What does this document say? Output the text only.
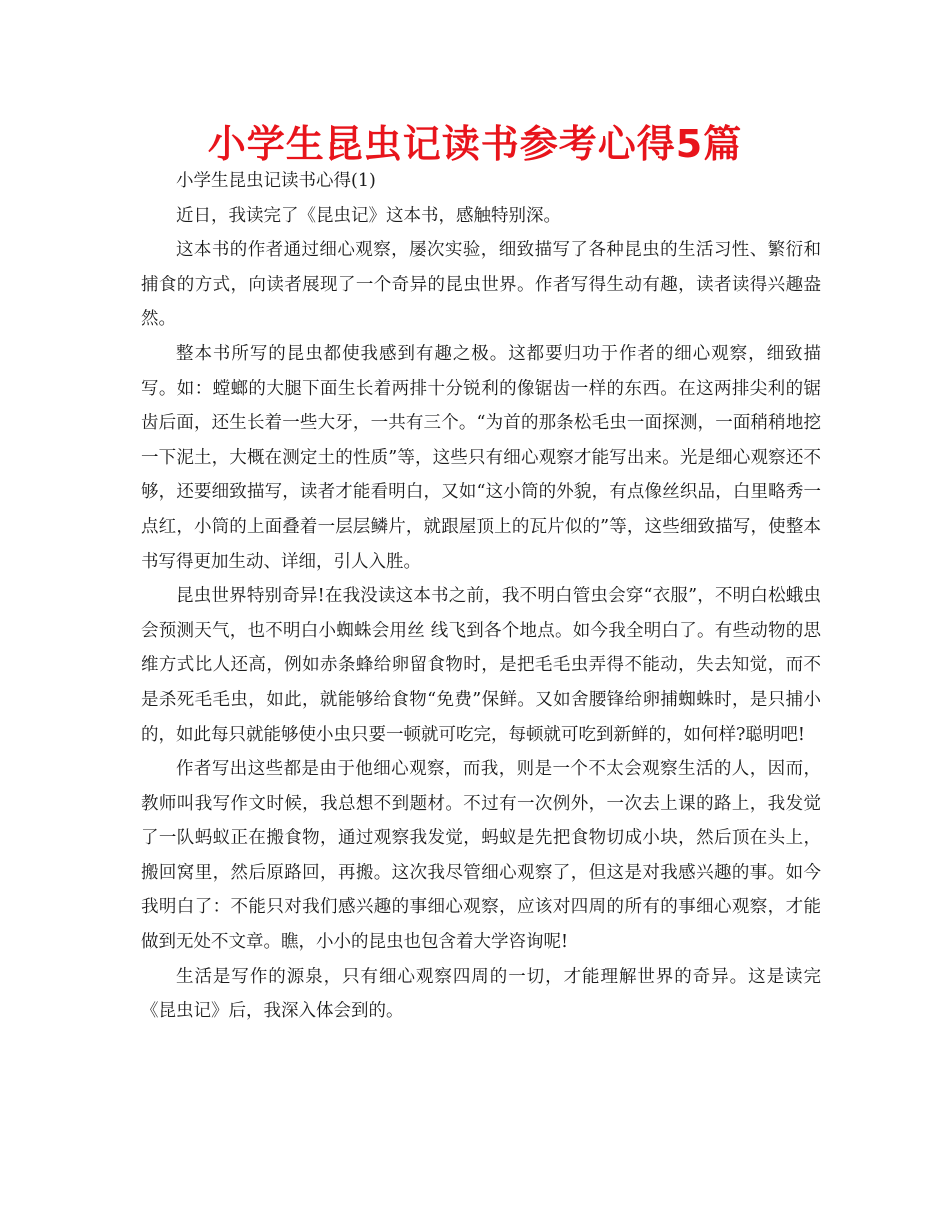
小学生昆虫记读书参考心得5篇

小学生昆虫记读书心得(1)

近日，我读完了《昆虫记》这本书，感触特别深。

这本书的作者通过细心观察，屡次实验，细致描写了各种昆虫的生活习性、繁衍和捕食的方式，向读者展现了一个奇异的昆虫世界。作者写得生动有趣，读者读得兴趣盎然。

整本书所写的昆虫都使我感到有趣之极。这都要归功于作者的细心观察，细致描写。如：螳螂的大腿下面生长着两排十分锐利的像锯齿一样的东西。在这两排尖利的锯齿后面，还生长着一些大牙，一共有三个。“为首的那条松毛虫一面探测，一面稍稍地挖一下泥土，大概在测定土的性质”等，这些只有细心观察才能写出来。光是细心观察还不够，还要细致描写，读者才能看明白，又如“这小筒的外貌，有点像丝织品，白里略秀一点红，小筒的上面叠着一层层鳞片，就跟屋顶上的瓦片似的”等，这些细致描写，使整本书写得更加生动、详细，引人入胜。

昆虫世界特别奇异!在我没读这本书之前，我不明白管虫会穿“衣服”，不明白松蛾虫会预测天气，也不明白小蜘蛛会用丝 线飞到各个地点。如今我全明白了。有些动物的思维方式比人还高，例如赤条蜂给卵留食物时，是把毛毛虫弄得不能动，失去知觉，而不是杀死毛毛虫，如此，就能够给食物“免费”保鲜。又如舍腰锋给卵捕蜘蛛时，是只捕小的，如此每只就能够使小虫只要一顿就可吃完，每顿就可吃到新鲜的，如何样?聪明吧!

作者写出这些都是由于他细心观察，而我，则是一个不太会观察生活的人，因而，教师叫我写作文时候，我总想不到题材。不过有一次例外，一次去上课的路上，我发觉了一队蚂蚁正在搬食物，通过观察我发觉，蚂蚁是先把食物切成小块，然后顶在头上，搬回窝里，然后原路回，再搬。这次我尽管细心观察了，但这是对我感兴趣的事。如今我明白了：不能只对我们感兴趣的事细心观察，应该对四周的所有的事细心观察，才能做到无处不文章。瞧，小小的昆虫也包含着大学咨询呢!

生活是写作的源泉，只有细心观察四周的一切，才能理解世界的奇异。这是读完《昆虫记》后，我深入体会到的。
